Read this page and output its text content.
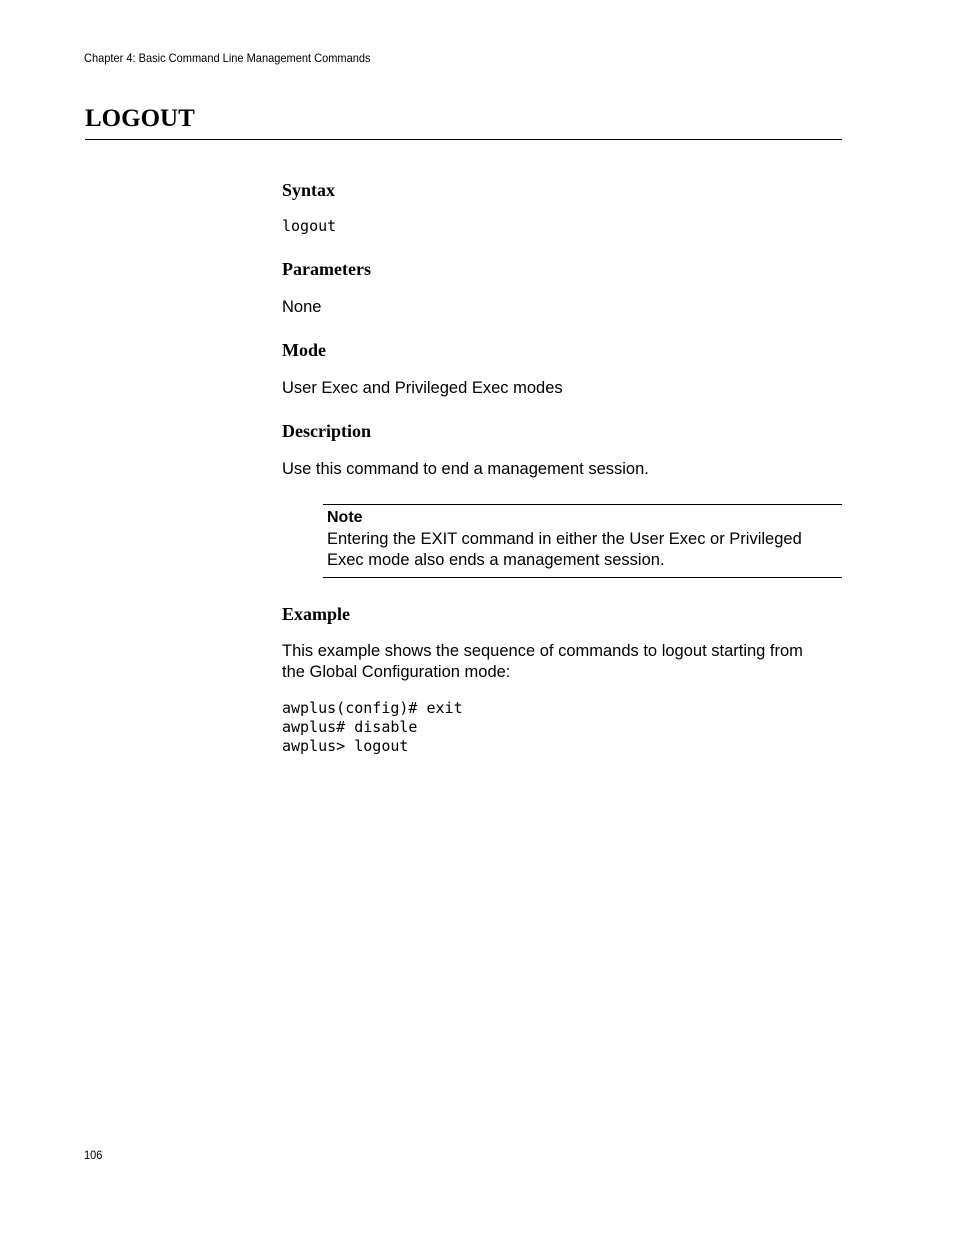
Chapter 4: Basic Command Line Management Commands
LOGOUT
Syntax
logout
Parameters
None
Mode
User Exec and Privileged Exec modes
Description
Use this command to end a management session.
Example
This example shows the sequence of commands to logout starting from
the Global Configuration mode:
awplus(config)# exit
awplus# disable
awplus> logout
Note
Entering the EXIT command in either the User Exec or Privileged Exec mode also ends a management session.
106
